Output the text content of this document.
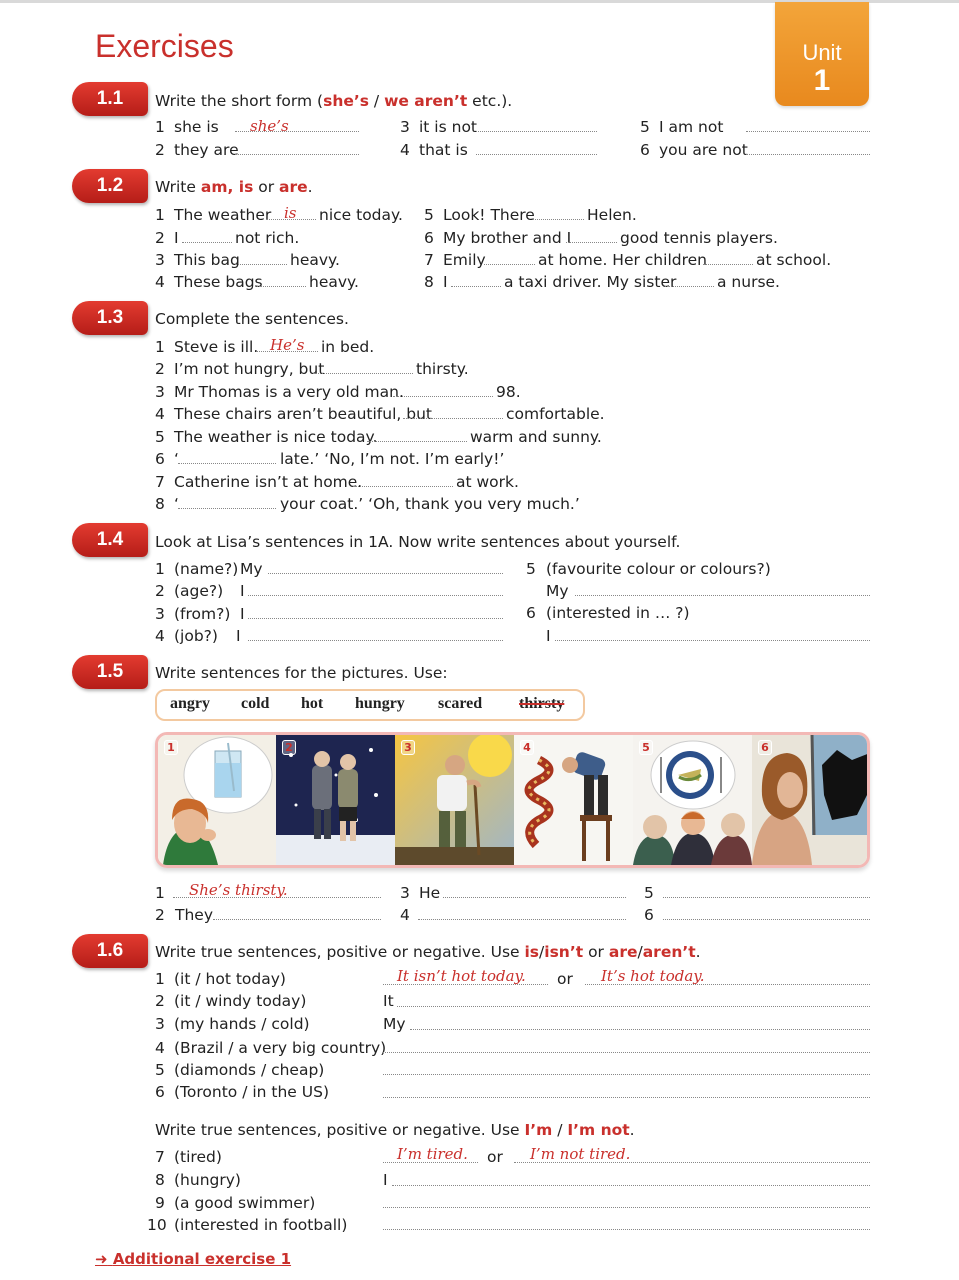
Exercises	Unit
1
1.1	Write the short form (she’s / we aren’t etc.).
1 she is she’s
2 they are
3 it is not
4 that is
5 I am not
6 you are not
1.2	Write am, is or are.
1 The weather is nice today.
2 I	not rich.
3 This bag	heavy.
4 These bags	heavy.
5 Look! There	Helen.
6 My brother and I	good tennis players.
7 Emily	at home. Her children	at school.
8 I	a taxi driver. My sister	a nurse.
1.3	Complete the sentences.
1 Steve is ill. He’s in bed.
2 I’m not hungry, but	thirsty.
3 Mr Thomas is a very old man.	98.
4 These chairs aren’t beautiful, but	comfortable.
5 The weather is nice today.	warm and sunny.
6 ‘	late.’ ‘No, I’m not. I’m early!’
7 Catherine isn’t at home.	at work.
8 ‘	your coat.’ ‘Oh, thank you very much.’
1.4	Look at Lisa’s sentences in 1A. Now write sentences about yourself.
1 (name?) My
2 (age?) I
3 (from?) I
4 (job?) I
5 (favourite colour or colours?)
My
6 (interested in … ?)
I
1.5	Write sentences for the pictures. Use:
angry cold hot hungry scared thirsty
1	2	3	4	5	6
1 She’s thirsty.
2 They
3 He
4
5
6
1.6	Write true sentences, positive or negative. Use is/isn’t or are/aren’t.
1 (it / hot today)	It isn’t hot today. or It’s hot today.
2 (it / windy today)	It
3 (my hands / cold)	My
4 (Brazil / a very big country)
5 (diamonds / cheap)
6 (Toronto / in the US)
Write true sentences, positive or negative. Use I’m / I’m not.
7 (tired)	I’m tired. or I’m not tired.
8 (hungry)	I
9 (a good swimmer)
10 (interested in football)
➜ Additional exercise 1
